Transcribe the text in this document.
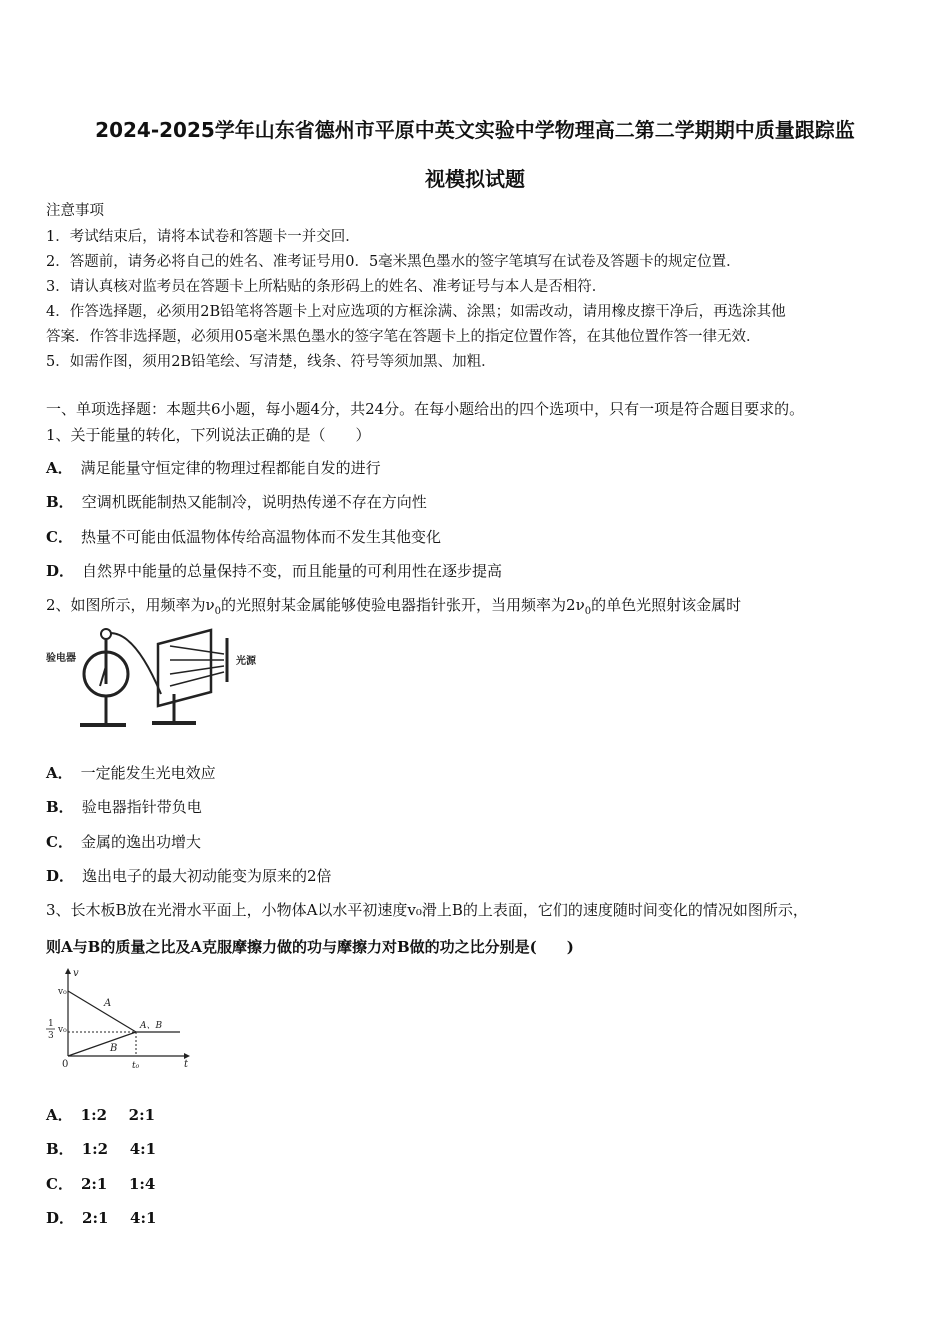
2024-2025学年山东省德州市平原中英文实验中学物理高二第二学期期中质量跟踪监
视模拟试题
注意事项
1．考试结束后，请将本试卷和答题卡一并交回．
2．答题前，请务必将自己的姓名、准考证号用0．5毫米黑色墨水的签字笔填写在试卷及答题卡的规定位置．
3．请认真核对监考员在答题卡上所粘贴的条形码上的姓名、准考证号与本人是否相符．
4．作答选择题，必须用2B铅笔将答题卡上对应选项的方框涂满、涂黑；如需改动，请用橡皮擦干净后，再选涂其他
答案．作答非选择题，必须用05毫米黑色墨水的签字笔在答题卡上的指定位置作答，在其他位置作答一律无效．
5．如需作图，须用2B铅笔绘、写清楚，线条、符号等须加黑、加粗．
一、单项选择题：本题共6小题，每小题4分，共24分。在每小题给出的四个选项中，只有一项是符合题目要求的。
1、关于能量的转化，下列说法正确的是（　　）
A． 满足能量守恒定律的物理过程都能自发的进行
B． 空调机既能制热又能制冷，说明热传递不存在方向性
C． 热量不可能由低温物体传给高温物体而不发生其他变化
D． 自然界中能量的总量保持不变，而且能量的可利用性在逐步提高
2、如图所示，用频率为$\nu_0$的光照射某金属能够使验电器指针张开，当用频率为$2\nu_0$的单色光照射该金属时
验电器	光源
A． 一定能发生光电效应
B． 验电器指针带负电
C． 金属的逸出功增大
D． 逸出电子的最大初动能变为原来的2倍
3、长木板B放在光滑水平面上，小物体A以水平初速度v₀滑上B的上表面，它们的速度随时间变化的情况如图所示，
则A与B的质量之比及A克服摩擦力做的功与摩擦力对B做的功之比分别是(　　)
v
t
v₀
1
3
v₀
A
B
A、B
0	t₀
A． 1:2 2:1
B． 1:2 4:1
C． 2:1 1:4
D． 2:1 4:1
